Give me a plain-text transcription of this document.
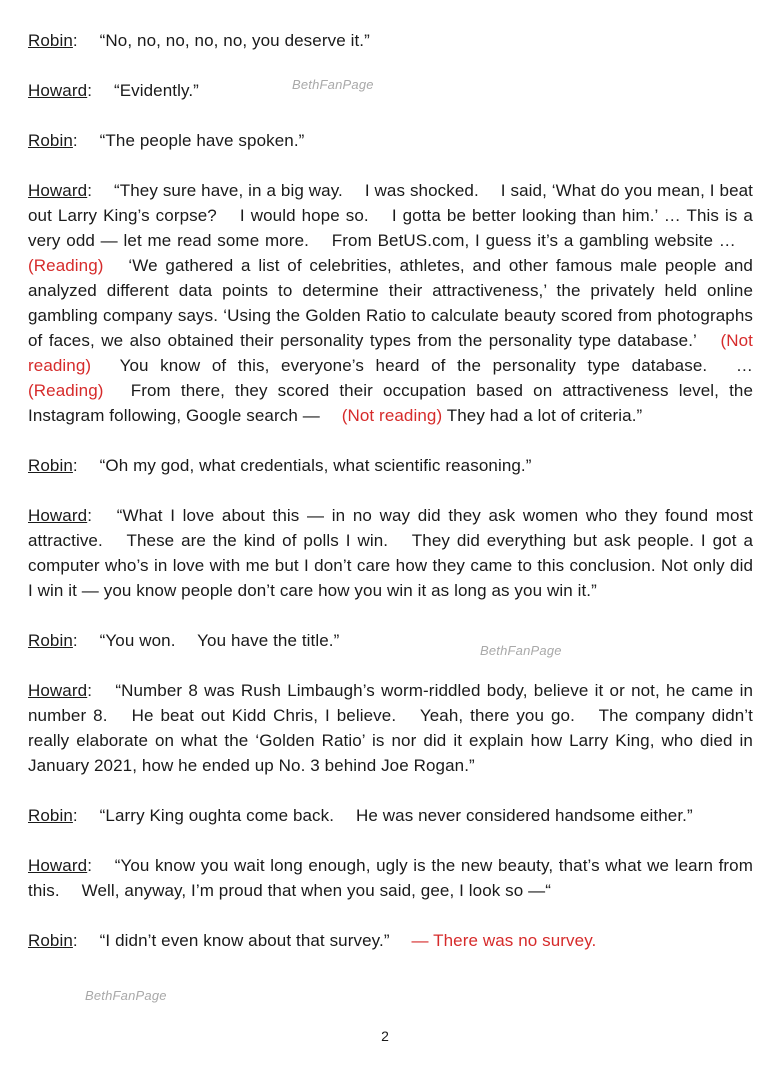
Robin:  “No, no, no, no, no, you deserve it.”

Howard:  “Evidently.”

Robin:  “The people have spoken.”

Howard:  “They sure have, in a big way.  I was shocked.  I said, ‘What do you mean, I beat out Larry King’s corpse?  I would hope so.  I gotta be better looking than him.’ … This is a very odd — let me read some more.  From BetUS.com, I guess it’s a gambling website …  (Reading)  ‘We gathered a list of celebrities, athletes, and other famous male people and analyzed different data points to determine their attractiveness,’ the privately held online gambling company says. ‘Using the Golden Ratio to calculate beauty scored from photographs of faces, we also obtained their personality types from the personality type database.’  (Not reading)  You know of this, everyone’s heard of the personality type database.  … (Reading)  From there, they scored their occupation based on attractiveness level, the Instagram following, Google search —  (Not reading) They had a lot of criteria.”

Robin:  “Oh my god, what credentials, what scientific reasoning.”

Howard:  “What I love about this — in no way did they ask women who they found most attractive.  These are the kind of polls I win.  They did everything but ask people. I got a computer who’s in love with me but I don’t care how they came to this conclusion. Not only did I win it — you know people don’t care how you win it as long as you win it.”

Robin:  “You won.  You have the title.”

Howard:  “Number 8 was Rush Limbaugh’s worm-riddled body, believe it or not, he came in number 8.  He beat out Kidd Chris, I believe.  Yeah, there you go.  The company didn’t really elaborate on what the ‘Golden Ratio’ is nor did it explain how Larry King, who died in January 2021, how he ended up No. 3 behind Joe Rogan.”

Robin:  “Larry King oughta come back.  He was never considered handsome either.”

Howard:  “You know you wait long enough, ugly is the new beauty, that’s what we learn from this.  Well, anyway, I’m proud that when you said, gee, I look so —“

Robin:  “I didn’t even know about that survey.”  — There was no survey.

BethFanPage
BethFanPage
BethFanPage
2
